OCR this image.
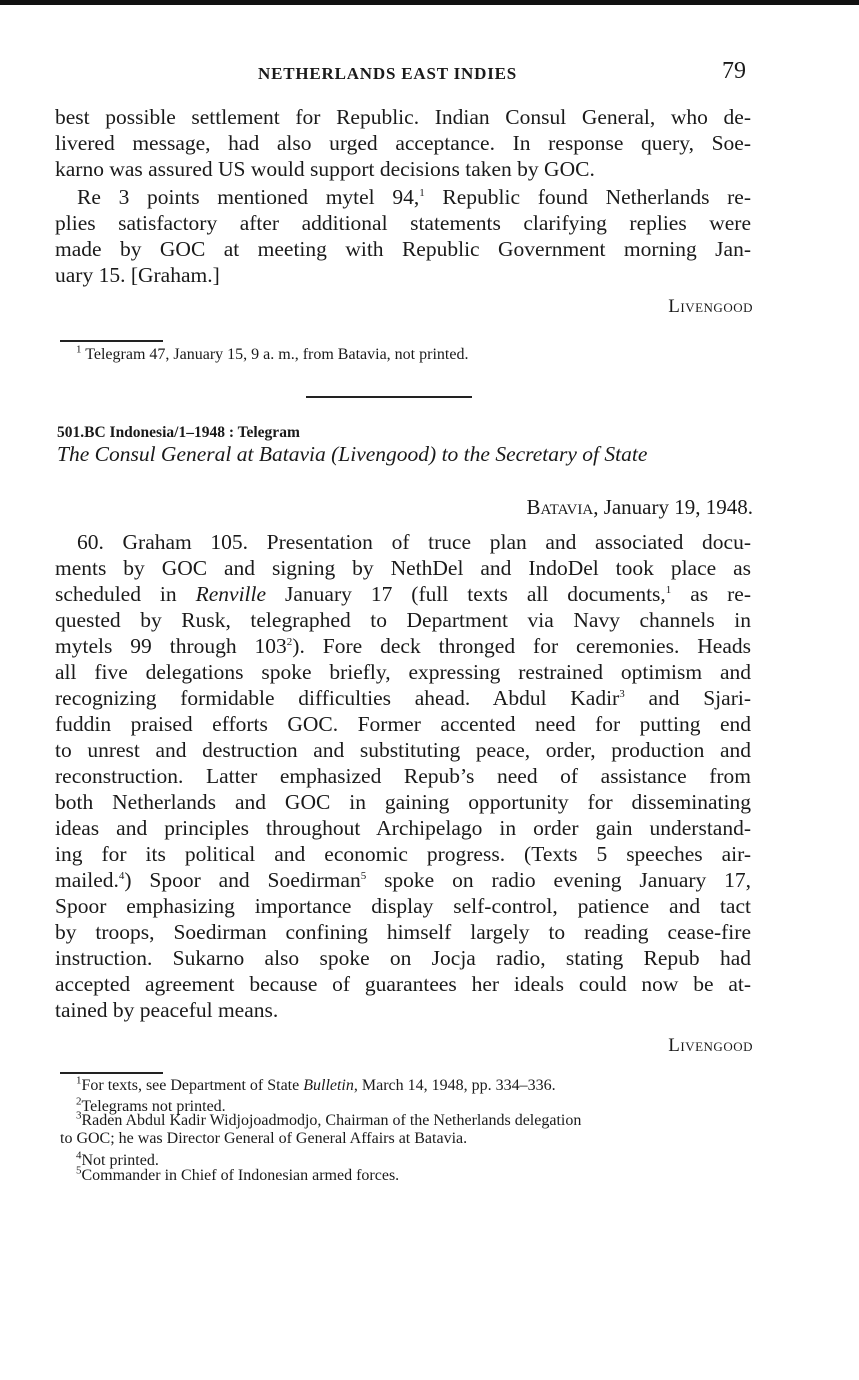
NETHERLANDS EAST INDIES	79
best possible settlement for Republic. Indian Consul General, who de-
livered message, had also urged acceptance. In response query, Soe-
karno was assured US would support decisions taken by GOC.
Re 3 points mentioned mytel 94,$^1$ Republic found Netherlands re-
plies satisfactory after additional statements clarifying replies were
made by GOC at meeting with Republic Government morning Jan-
uary 15. [Graham.]
Livengood
$^1$ Telegram 47, January 15, 9 a. m., from Batavia, not printed.
501.BC Indonesia/1–1948 : Telegram
The Consul General at Batavia (Livengood) to the Secretary of State
Batavia, January 19, 1948.
60. Graham 105. Presentation of truce plan and associated docu-
ments by GOC and signing by NethDel and IndoDel took place as
scheduled in Renville January 17 (full texts all documents,$^1$ as re-
quested by Rusk, telegraphed to Department via Navy channels in
mytels 99 through $103^2$). Fore deck thronged for ceremonies. Heads
all five delegations spoke briefly, expressing restrained optimism and
recognizing formidable difficulties ahead. Abdul Kadir$^3$ and Sjari-
fuddin praised efforts GOC. Former accented need for putting end
to unrest and destruction and substituting peace, order, production and
reconstruction. Latter emphasized Repub’s need of assistance from
both Netherlands and GOC in gaining opportunity for disseminating
ideas and principles throughout Archipelago in order gain understand-
ing for its political and economic progress. (Texts 5 speeches air-
mailed.$^4$) Spoor and Soedirman$^5$ spoke on radio evening January 17,
Spoor emphasizing importance display self-control, patience and tact
by troops, Soedirman confining himself largely to reading cease-fire
instruction. Sukarno also spoke on Jocja radio, stating Repub had
accepted agreement because of guarantees her ideals could now be at-
tained by peaceful means.
Livengood
$^1$For texts, see Department of State Bulletin, March 14, 1948, pp. 334–336.
$^2$Telegrams not printed.
$^3$Raden Abdul Kadir Widjojoadmodjo, Chairman of the Netherlands delegation
to GOC; he was Director General of General Affairs at Batavia.
$^4$Not printed.
$^5$Commander in Chief of Indonesian armed forces.
